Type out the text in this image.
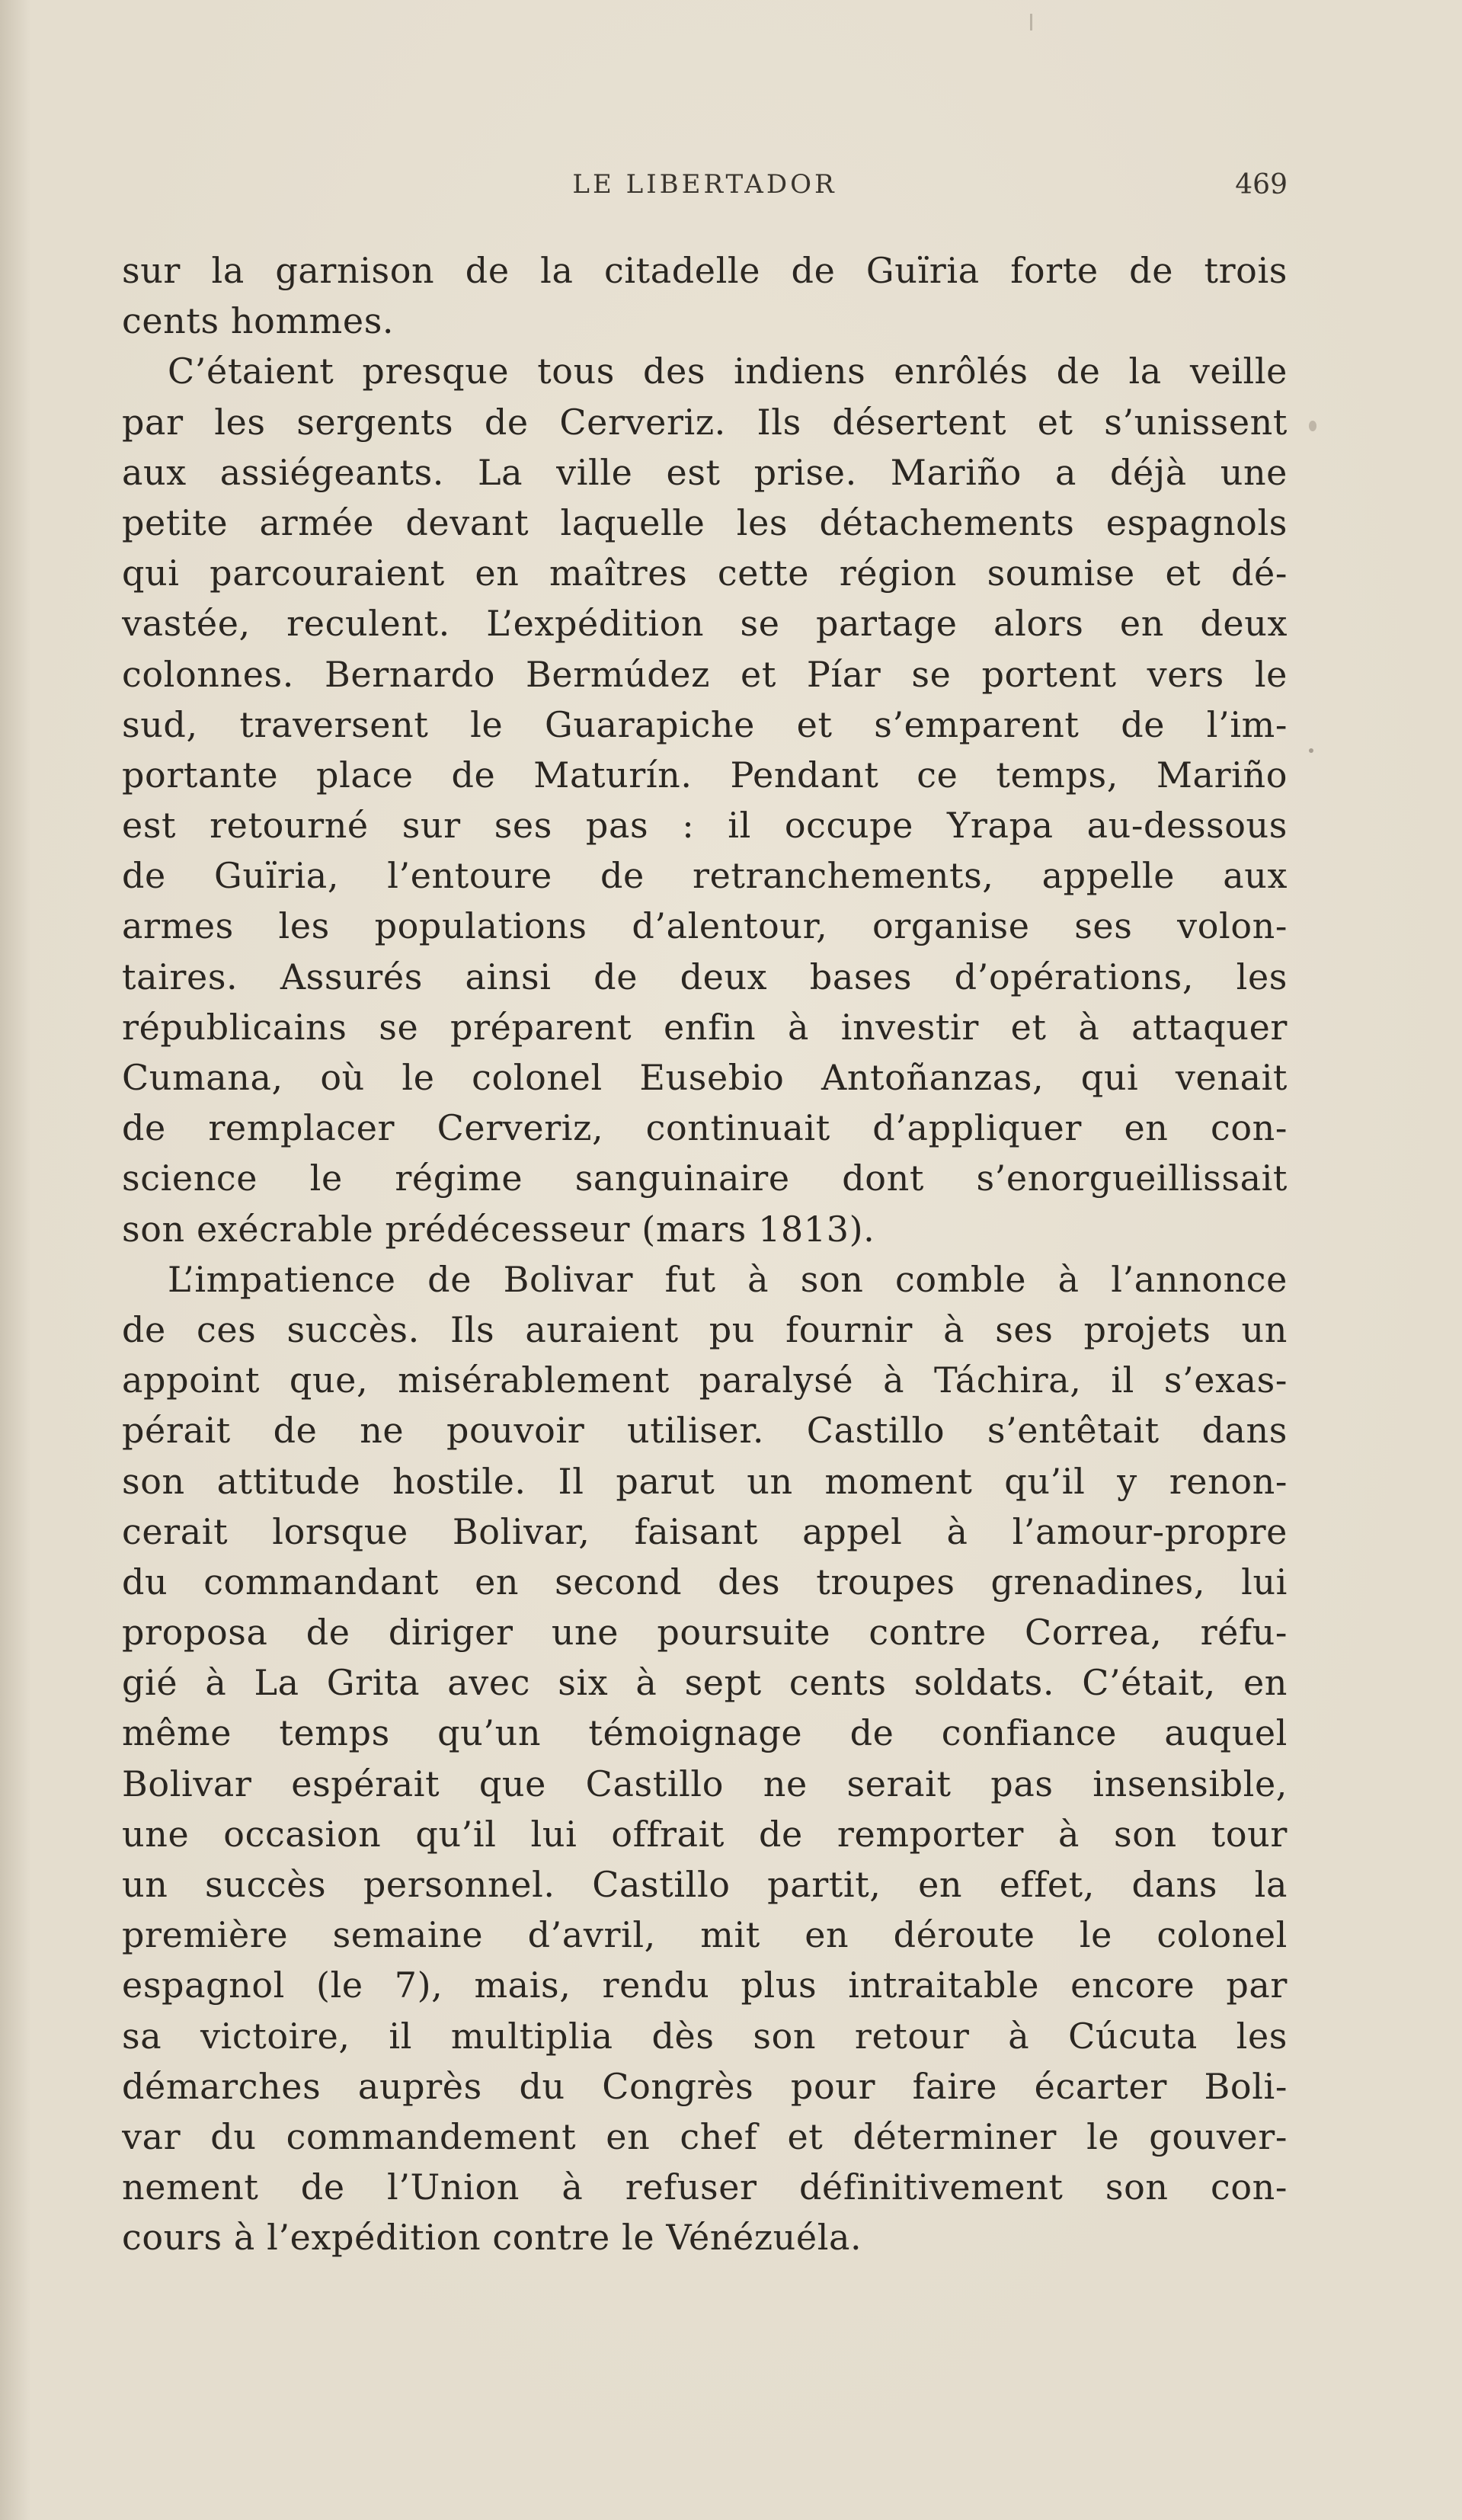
LE LIBERTADOR	469
sur la garnison de la citadelle de Guïria forte de trois
cents hommes.
C’étaient presque tous des indiens enrôlés de la veille
par les sergents de Cerveriz. Ils désertent et s’unissent
aux assiégeants. La ville est prise. Mariño a déjà une
petite armée devant laquelle les détachements espagnols
qui parcouraient en maîtres cette région soumise et dé-
vastée, reculent. L’expédition se partage alors en deux
colonnes. Bernardo Bermúdez et Píar se portent vers le
sud, traversent le Guarapiche et s’emparent de l’im-
portante place de Maturín. Pendant ce temps, Mariño
est retourné sur ses pas : il occupe Yrapa au-dessous
de Guïria, l’entoure de retranchements, appelle aux
armes les populations d’alentour, organise ses volon-
taires. Assurés ainsi de deux bases d’opérations, les
républicains se préparent enfin à investir et à attaquer
Cumana, où le colonel Eusebio Antoñanzas, qui venait
de remplacer Cerveriz, continuait d’appliquer en con-
science le régime sanguinaire dont s’enorgueillissait
son exécrable prédécesseur (mars 1813).
L’impatience de Bolivar fut à son comble à l’annonce
de ces succès. Ils auraient pu fournir à ses projets un
appoint que, misérablement paralysé à Táchira, il s’exas-
pérait de ne pouvoir utiliser. Castillo s’entêtait dans
son attitude hostile. Il parut un moment qu’il y renon-
cerait lorsque Bolivar, faisant appel à l’amour-propre
du commandant en second des troupes grenadines, lui
proposa de diriger une poursuite contre Correa, réfu-
gié à La Grita avec six à sept cents soldats. C’était, en
même temps qu’un témoignage de confiance auquel
Bolivar espérait que Castillo ne serait pas insensible,
une occasion qu’il lui offrait de remporter à son tour
un succès personnel. Castillo partit, en effet, dans la
première semaine d’avril, mit en déroute le colonel
espagnol (le 7), mais, rendu plus intraitable encore par
sa victoire, il multiplia dès son retour à Cúcuta les
démarches auprès du Congrès pour faire écarter Boli-
var du commandement en chef et déterminer le gouver-
nement de l’Union à refuser définitivement son con-
cours à l’expédition contre le Vénézuéla.
